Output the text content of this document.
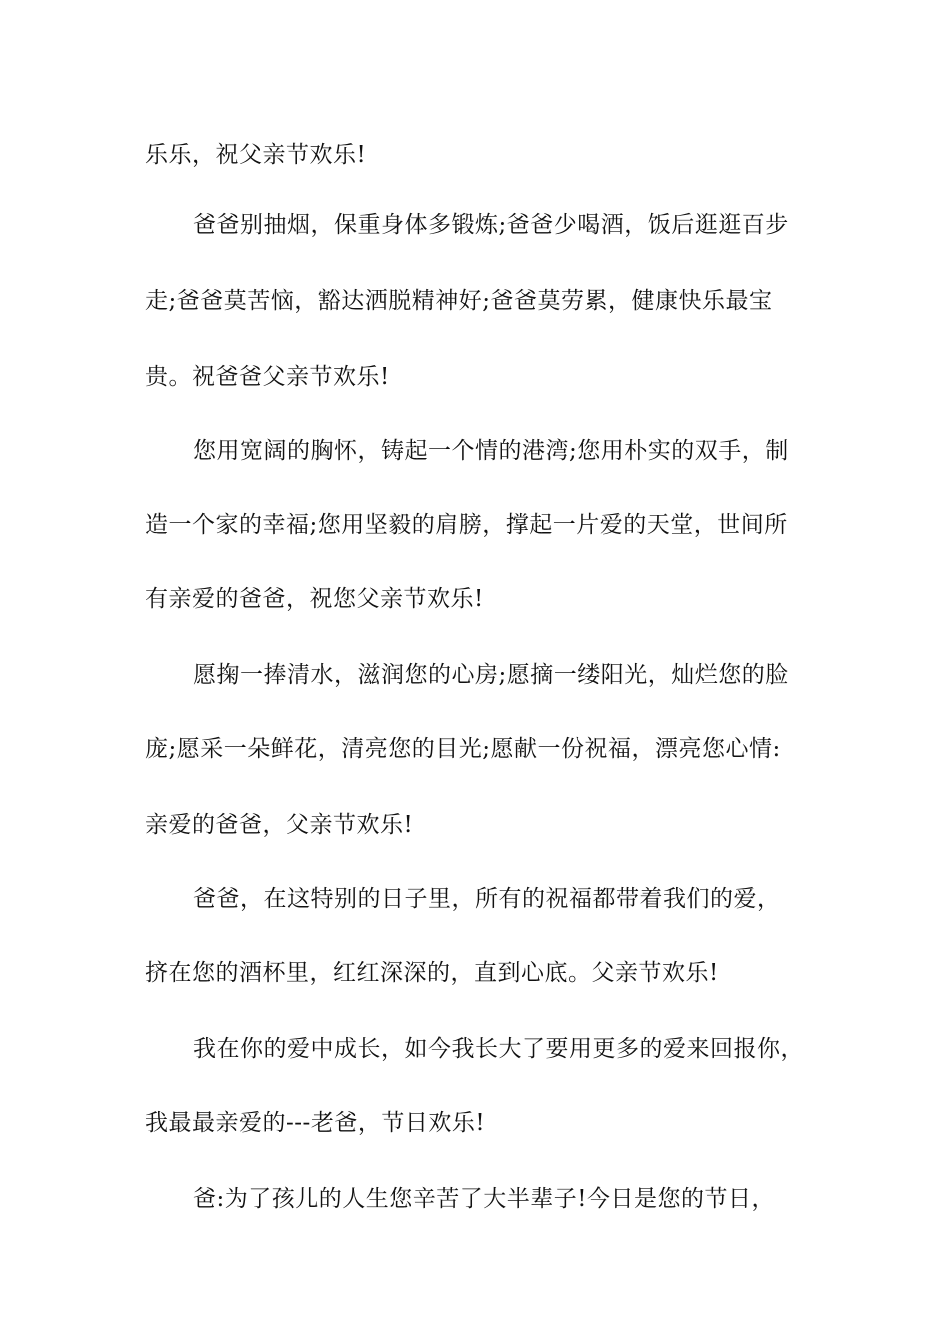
乐乐，祝父亲节欢乐!
爸爸别抽烟，保重身体多锻炼;爸爸少喝酒，饭后逛逛百步
走;爸爸莫苦恼，豁达洒脱精神好;爸爸莫劳累，健康快乐最宝
贵。祝爸爸父亲节欢乐!
您用宽阔的胸怀，铸起一个情的港湾;您用朴实的双手，制
造一个家的幸福;您用坚毅的肩膀，撑起一片爱的天堂，世间所
有亲爱的爸爸，祝您父亲节欢乐!
愿掬一捧清水，滋润您的心房;愿摘一缕阳光，灿烂您的脸
庞;愿采一朵鲜花，清亮您的目光;愿献一份祝福，漂亮您心情:
亲爱的爸爸，父亲节欢乐!
爸爸，在这特别的日子里，所有的祝福都带着我们的爱，
挤在您的酒杯里，红红深深的，直到心底。父亲节欢乐!
我在你的爱中成长，如今我长大了要用更多的爱来回报你，
我最最亲爱的---老爸，节日欢乐!
爸:为了孩儿的人生您辛苦了大半辈子!今日是您的节日，
